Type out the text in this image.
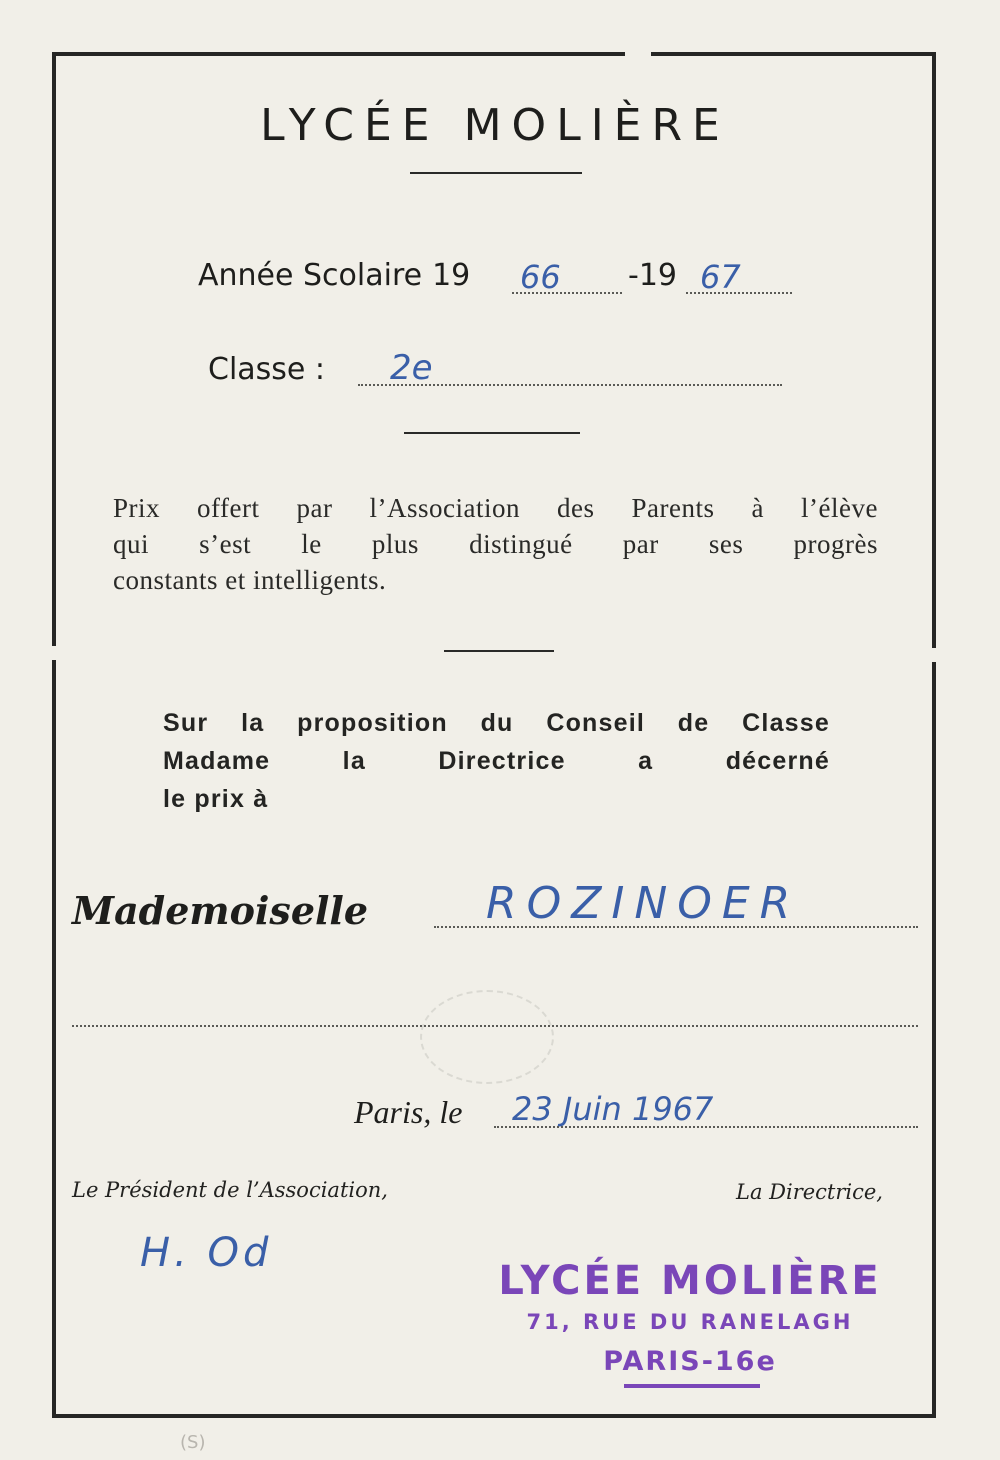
LYCÉE MOLIÈRE
Année Scolaire 19 66 -19 67
Classe : 2e
Prix offert par l’Association des Parents à l’élève
qui s’est le plus distingué par ses progrès
constants et intelligents.
Sur la proposition du Conseil de Classe
Madame la Directrice a décerné
le prix à
Mademoiselle	ROZINOER
Paris, le 23 Juin 1967
Le Président de l’Association,	La Directrice,
H. Od
LYCÉE MOLIÈRE
71, RUE DU RANELAGH
PARIS-16e
(S)
